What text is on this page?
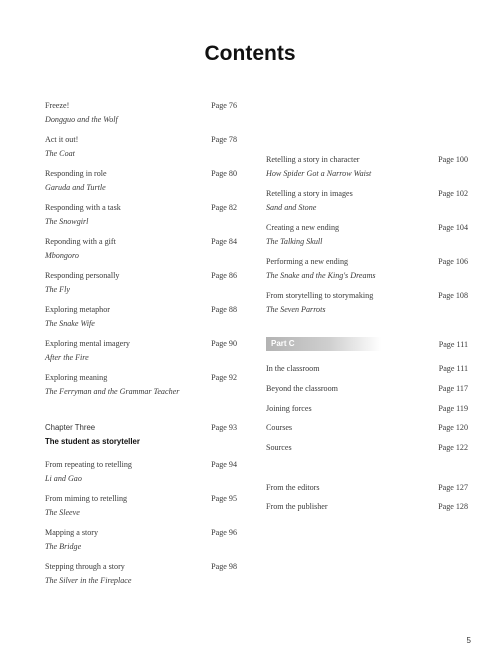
Contents
Freeze!	Page 76
Dongguo and the Wolf
Act it out!	Page 78
The Coat
Responding in role	Page 80
Garuda and Turtle
Responding with a task	Page 82
The Snowgirl
Reponding with a gift	Page 84
Mbongoro
Responding personally	Page 86
The Fly
Exploring metaphor	Page 88
The Snake Wife
Exploring mental imagery	Page 90
After the Fire
Exploring meaning	Page 92
The Ferryman and the Grammar Teacher
Chapter Three	Page 93
The student as storyteller
From repeating to retelling	Page 94
Li and Gao
From miming to retelling	Page 95
The Sleeve
Mapping a story	Page 96
The Bridge
Stepping through a story	Page 98
The Silver in the Fireplace
Retelling a story in character	Page 100
How Spider Got a Narrow Waist
Retelling a story in images	Page 102
Sand and Stone
Creating a new ending	Page 104
The Talking Skull
Performing a new ending	Page 106
The Snake and the King's Dreams
From storytelling to storymaking	Page 108
The Seven Parrots
Part C	Page 111
In the classroom	Page 111
Beyond the classroom	Page 117
Joining forces	Page 119
Courses	Page 120
Sources	Page 122
From the editors	Page 127
From the publisher	Page 128
5
